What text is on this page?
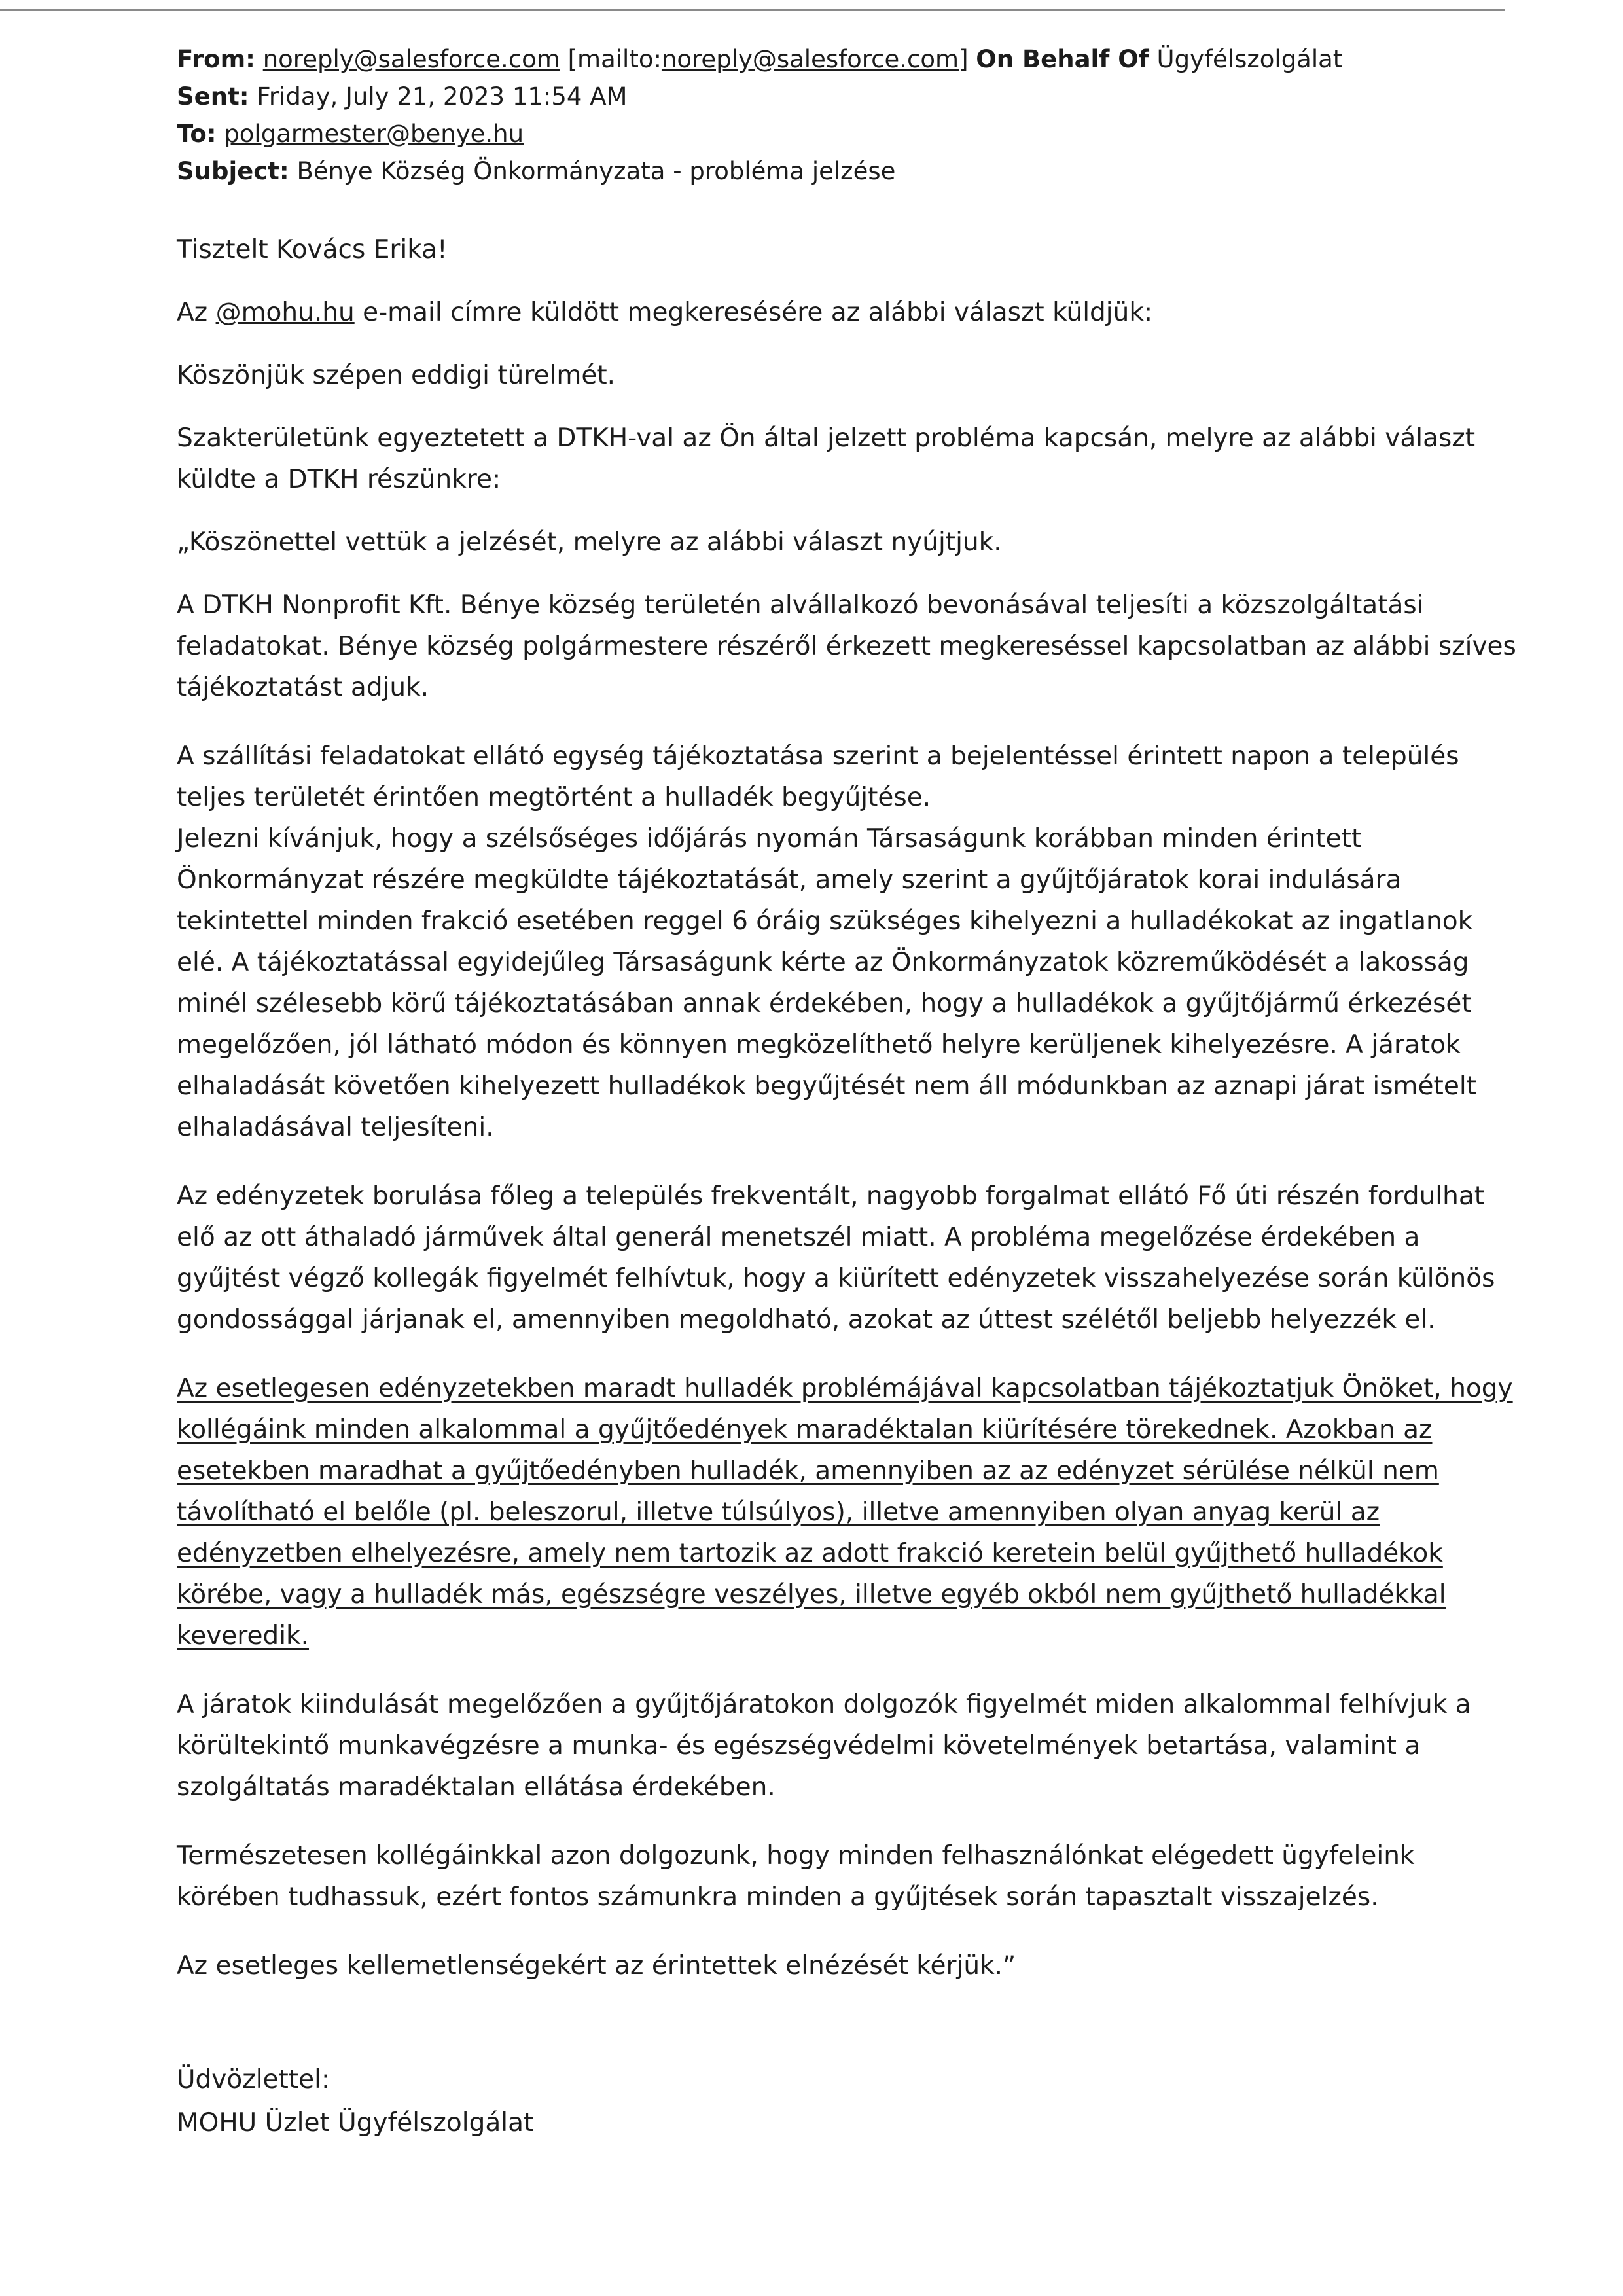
From: noreply@salesforce.com [mailto:noreply@salesforce.com] On Behalf Of Ügyfélszolgálat
Sent: Friday, July 21, 2023 11:54 AM
To: polgarmester@benye.hu
Subject: Bénye Község Önkormányzata - probléma jelzése

Tisztelt Kovács Erika!

Az @mohu.hu e-mail címre küldött megkeresésére az alábbi választ küldjük:

Köszönjük szépen eddigi türelmét.

Szakterületünk egyeztetett a DTKH-val az Ön által jelzett probléma kapcsán, melyre az alábbi választ küldte a DTKH részünkre:

„Köszönettel vettük a jelzését, melyre az alábbi választ nyújtjuk.

A DTKH Nonprofit Kft. Bénye község területén alvállalkozó bevonásával teljesíti a közszolgáltatási feladatokat. Bénye község polgármestere részéről érkezett megkereséssel kapcsolatban az alábbi szíves tájékoztatást adjuk.

A szállítási feladatokat ellátó egység tájékoztatása szerint a bejelentéssel érintett napon a település teljes területét érintően megtörtént a hulladék begyűjtése.

Jelezni kívánjuk, hogy a szélsőséges időjárás nyomán Társaságunk korábban minden érintett Önkormányzat részére megküldte tájékoztatását, amely szerint a gyűjtőjáratok korai indulására tekintettel minden frakció esetében reggel 6 óráig szükséges kihelyezni a hulladékokat az ingatlanok elé. A tájékoztatással egyidejűleg Társaságunk kérte az Önkormányzatok közreműködését a lakosság minél szélesebb körű tájékoztatásában annak érdekében, hogy a hulladékok a gyűjtőjármű érkezését megelőzően, jól látható módon és könnyen megközelíthető helyre kerüljenek kihelyezésre. A járatok elhaladását követően kihelyezett hulladékok begyűjtését nem áll módunkban az aznapi járat ismételt elhaladásával teljesíteni.

Az edényzetek borulása főleg a település frekventált, nagyobb forgalmat ellátó Fő úti részén fordulhat elő az ott áthaladó járművek által generál menetszél miatt. A probléma megelőzése érdekében a gyűjtést végző kollegák figyelmét felhívtuk, hogy a kiürített edényzetek visszahelyezése során különös gondossággal járjanak el, amennyiben megoldható, azokat az úttest szélétől beljebb helyezzék el.

Az esetlegesen edényzetekben maradt hulladék problémájával kapcsolatban tájékoztatjuk Önöket, hogy kollégáink minden alkalommal a gyűjtőedények maradéktalan kiürítésére törekednek. Azokban az esetekben maradhat a gyűjtőedényben hulladék, amennyiben az az edényzet sérülése nélkül nem távolítható el belőle (pl. beleszorul, illetve túlsúlyos), illetve amennyiben olyan anyag kerül az edényzetben elhelyezésre, amely nem tartozik az adott frakció keretein belül gyűjthető hulladékok körébe, vagy a hulladék más, egészségre veszélyes, illetve egyéb okból nem gyűjthető hulladékkal keveredik.

A járatok kiindulását megelőzően a gyűjtőjáratokon dolgozók figyelmét miden alkalommal felhívjuk a körültekintő munkavégzésre a munka- és egészségvédelmi követelmények betartása, valamint a szolgáltatás maradéktalan ellátása érdekében.

Természetesen kollégáinkkal azon dolgozunk, hogy minden felhasználónkat elégedett ügyfeleink körében tudhassuk, ezért fontos számunkra minden a gyűjtések során tapasztalt visszajelzés.

Az esetleges kellemetlenségekért az érintettek elnézését kérjük.”

Üdvözlettel:
MOHU Üzlet Ügyfélszolgálat
